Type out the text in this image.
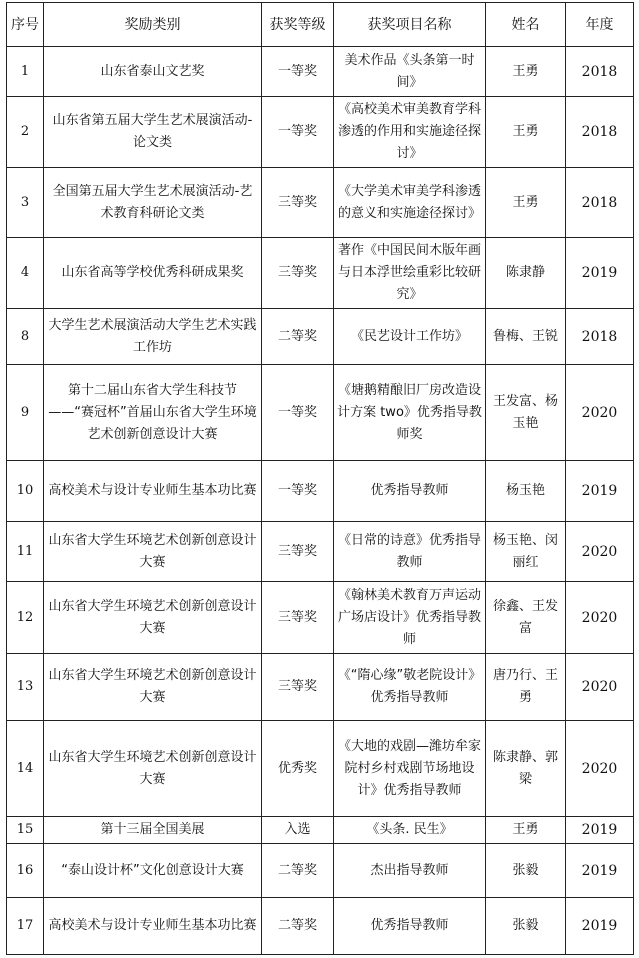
序号	奖励类别	获奖等级	获奖项目名称	姓名	年度
1	山东省泰山文艺奖	一等奖	美术作品《头条第一时间》	王勇	2018
2	山东省第五届大学生艺术展演活动-论文类	一等奖	《高校美术审美教育学科渗透的作用和实施途径探讨》	王勇	2018
3	全国第五届大学生艺术展演活动-艺术教育科研论文类	三等奖	《大学美术审美学科渗透的意义和实施途径探讨》	王勇	2018
4	山东省高等学校优秀科研成果奖	三等奖	著作《中国民间木版年画与日本浮世绘重彩比较研究》	陈隶静	2019
8	大学生艺术展演活动大学生艺术实践工作坊	二等奖	《民艺设计工作坊》	鲁梅、王锐	2018
9	第十二届山东省大学生科技节——“赛冠杯”首届山东省大学生环境艺术创新创意设计大赛	一等奖	《塘鹅精酿旧厂房改造设计方案 two》优秀指导教师奖	王发富、杨玉艳	2020
10	高校美术与设计专业师生基本功比赛	一等奖	优秀指导教师	杨玉艳	2019
11	山东省大学生环境艺术创新创意设计大赛	三等奖	《日常的诗意》优秀指导教师	杨玉艳、闵丽红	2020
12	山东省大学生环境艺术创新创意设计大赛	三等奖	《翰林美术教育万声运动广场店设计》优秀指导教师	徐鑫、王发富	2020
13	山东省大学生环境艺术创新创意设计大赛	三等奖	《“隋心缘”敬老院设计》优秀指导教师	唐乃行、王勇	2020
14	山东省大学生环境艺术创新创意设计大赛	优秀奖	《大地的戏剧—潍坊牟家院村乡村戏剧节场地设计》优秀指导教师	陈隶静、郭梁	2020
15	第十三届全国美展	入选	《头条. 民生》	王勇	2019
16	“泰山设计杯”文化创意设计大赛	二等奖	杰出指导教师	张毅	2019
17	高校美术与设计专业师生基本功比赛	二等奖	优秀指导教师	张毅	2019
